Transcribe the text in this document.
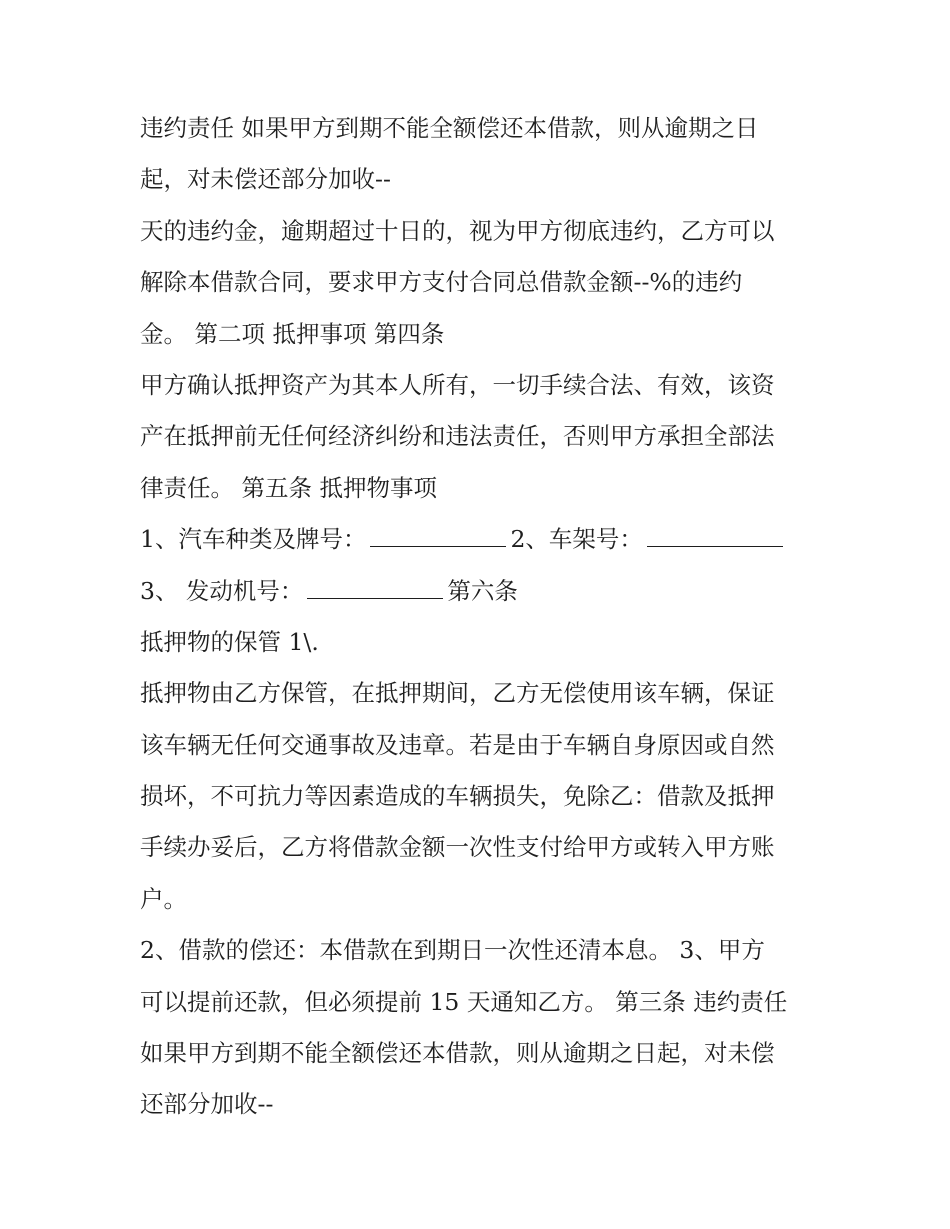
违约责任 如果甲方到期不能全额偿还本借款，则从逾期之日
起，对未偿还部分加收--
天的违约金，逾期超过十日的，视为甲方彻底违约，乙方可以
解除本借款合同，要求甲方支付合同总借款金额--%的违约
金。 第二项 抵押事项 第四条
甲方确认抵押资产为其本人所有，一切手续合法、有效，该资
产在抵押前无任何经济纠纷和违法责任，否则甲方承担全部法
律责任。 第五条 抵押物事项
1、汽车种类及牌号：	2、车架号：
3、 发动机号：	第六条
抵押物的保管 1\.
抵押物由乙方保管，在抵押期间，乙方无偿使用该车辆，保证
该车辆无任何交通事故及违章。若是由于车辆自身原因或自然
损坏，不可抗力等因素造成的车辆损失，免除乙：借款及抵押
手续办妥后，乙方将借款金额一次性支付给甲方或转入甲方账
户。
2、借款的偿还：本借款在到期日一次性还清本息。 3、甲方
可以提前还款，但必须提前 15 天通知乙方。 第三条 违约责任
如果甲方到期不能全额偿还本借款，则从逾期之日起，对未偿
还部分加收--
